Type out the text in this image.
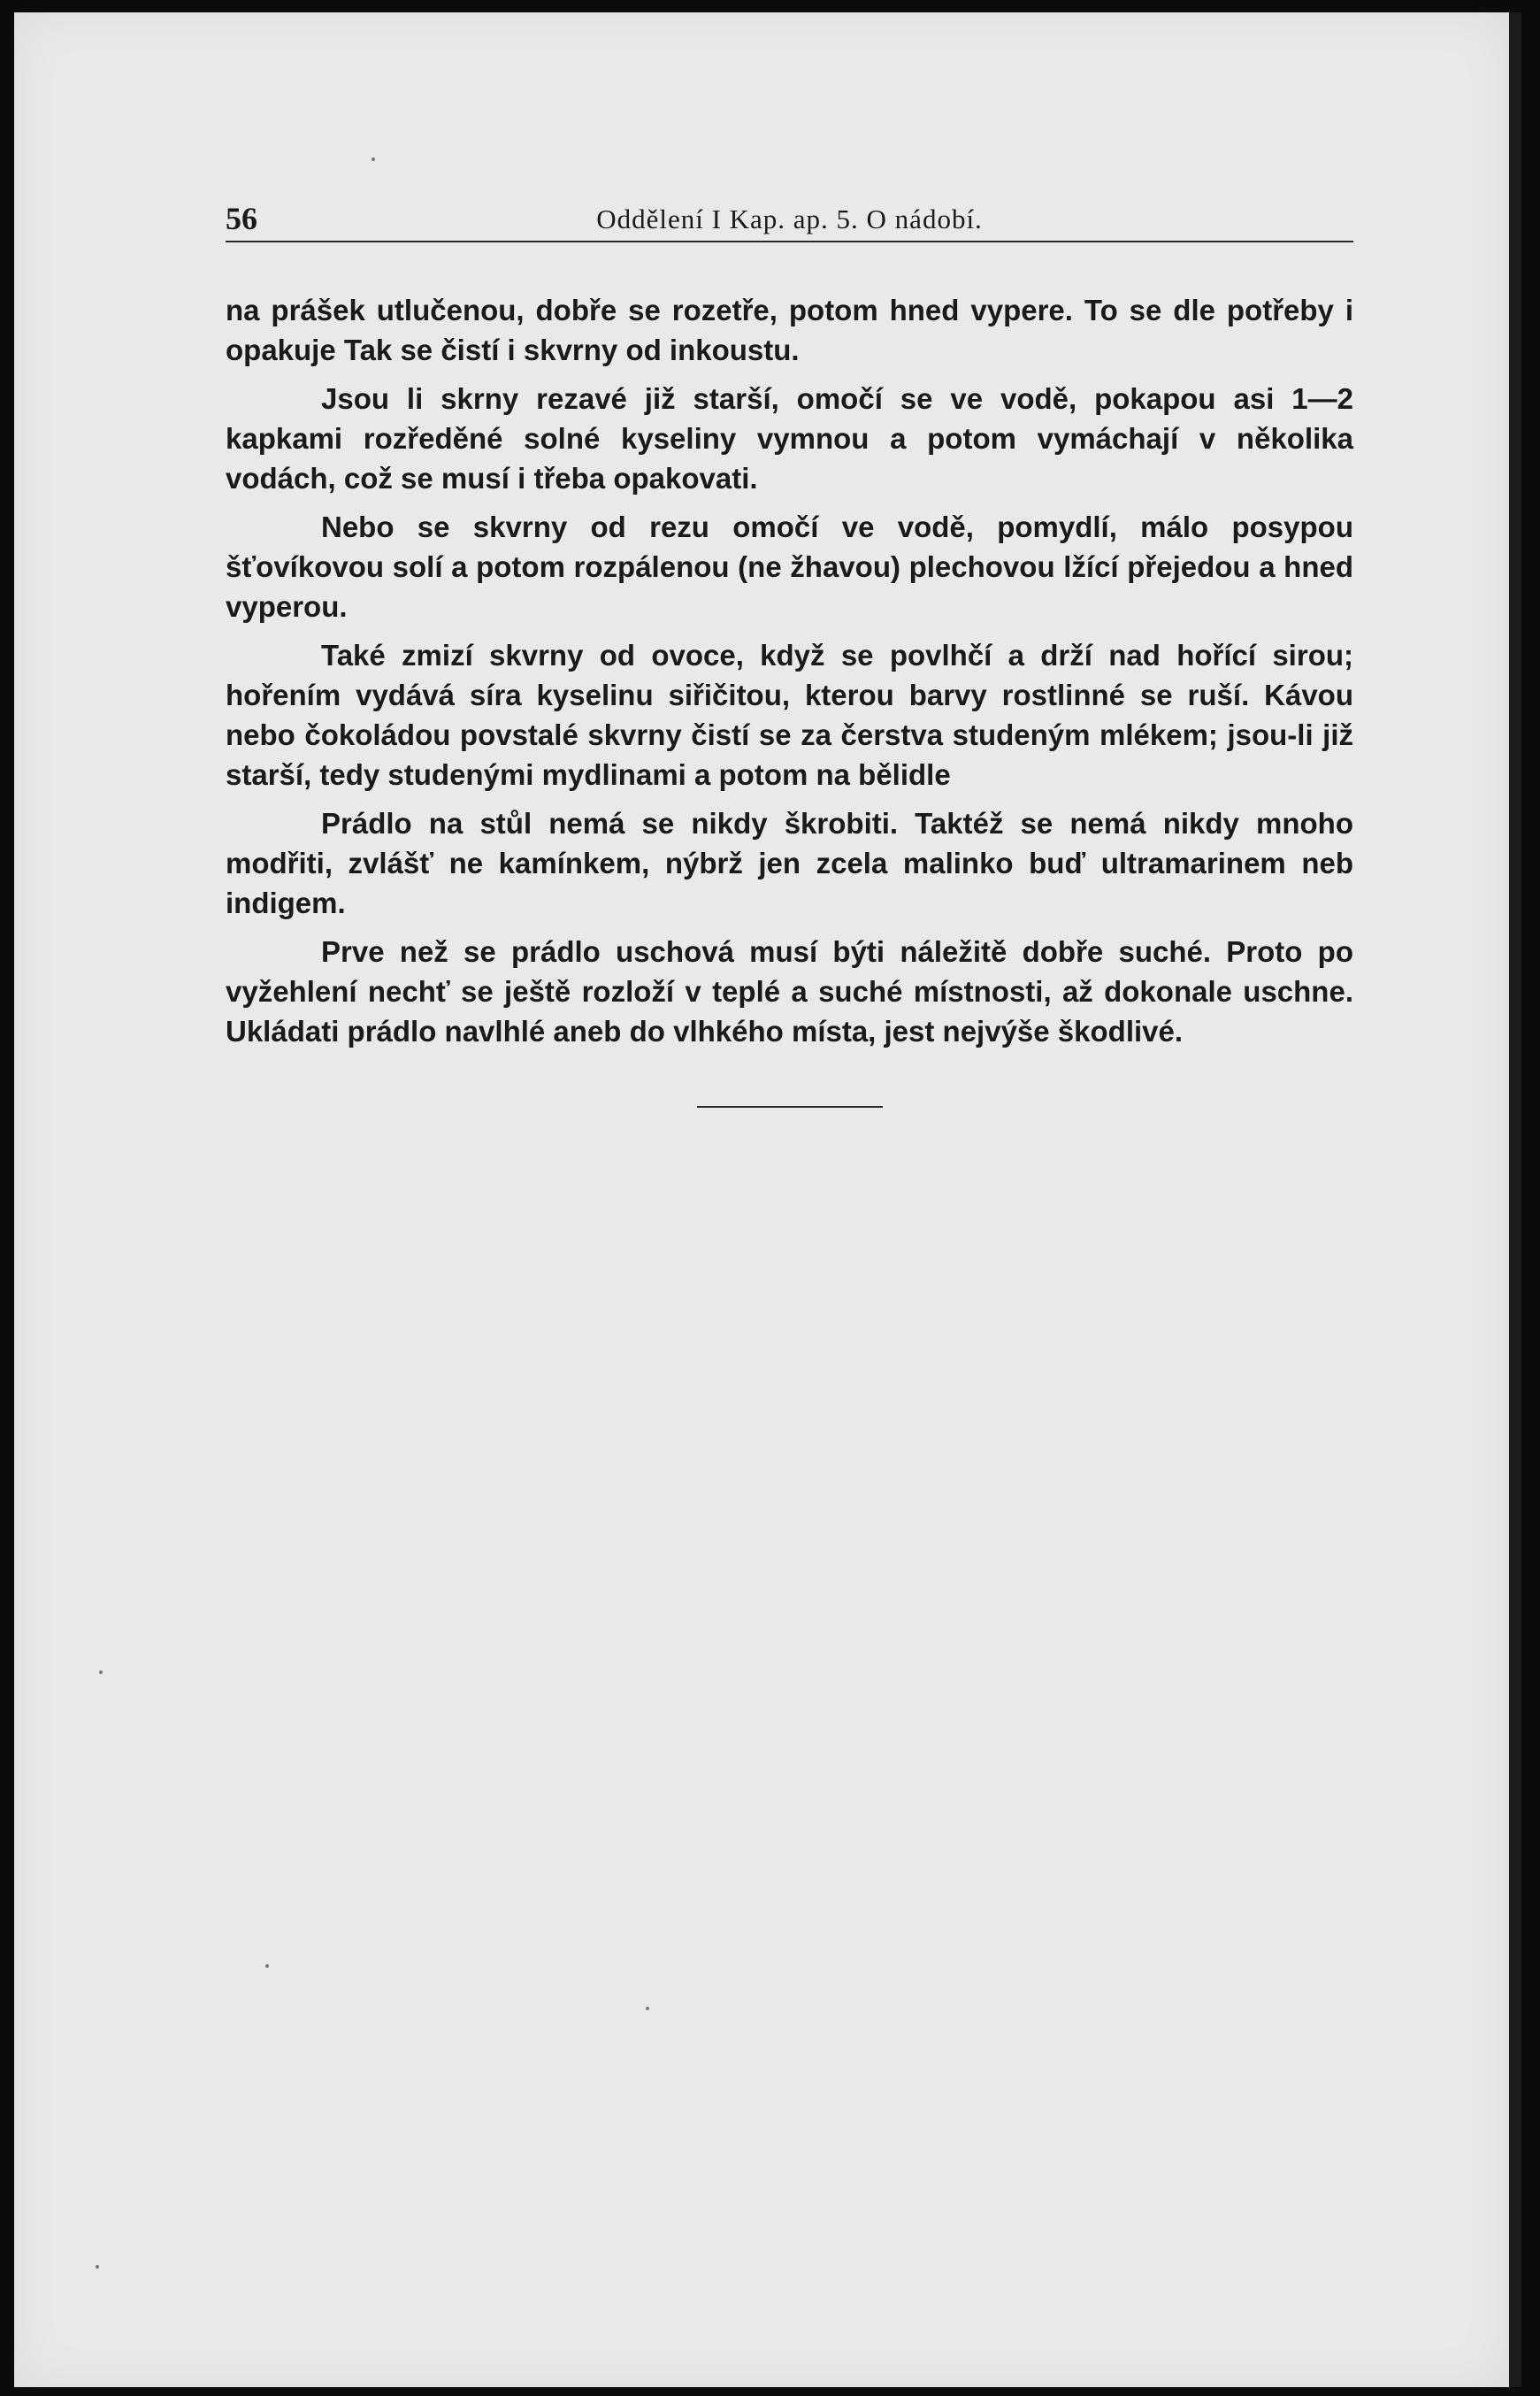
56	Oddělení I Kap. ap. 5. O nádobí.

na prášek utlučenou, dobře se rozetře, potom hned vypere. To se dle potřeby i opakuje Tak se čistí i skvrny od inkoustu.

Jsou li skrny rezavé již starší, omočí se ve vodě, pokapou asi 1—2 kapkami rozředěné solné kyseliny vymnou a potom vymáchají v několika vodách, což se musí i třeba opakovati.

Nebo se skvrny od rezu omočí ve vodě, pomydlí, málo posypou šťovíkovou solí a potom rozpálenou (ne žhavou) plechovou lžící přejedou a hned vyperou.

Také zmizí skvrny od ovoce, když se povlhčí a drží nad hořící sirou; hořením vydává síra kyselinu siřičitou, kterou barvy rostlinné se ruší. Kávou nebo čokoládou povstalé skvrny čistí se za čerstva studeným mlékem; jsou-li již starší, tedy studenými mydlinami a potom na bělidle

Prádlo na stůl nemá se nikdy škrobiti. Taktéž se nemá nikdy mnoho modřiti, zvlášť ne kamínkem, nýbrž jen zcela malinko buď ultramarinem neb indigem.

Prve než se prádlo uschová musí býti náležitě dobře suché. Proto po vyžehlení nechť se ještě rozloží v teplé a suché místnosti, až dokonale uschne. Ukládati prádlo navlhlé aneb do vlhkého místa, jest nejvýše škodlivé.
